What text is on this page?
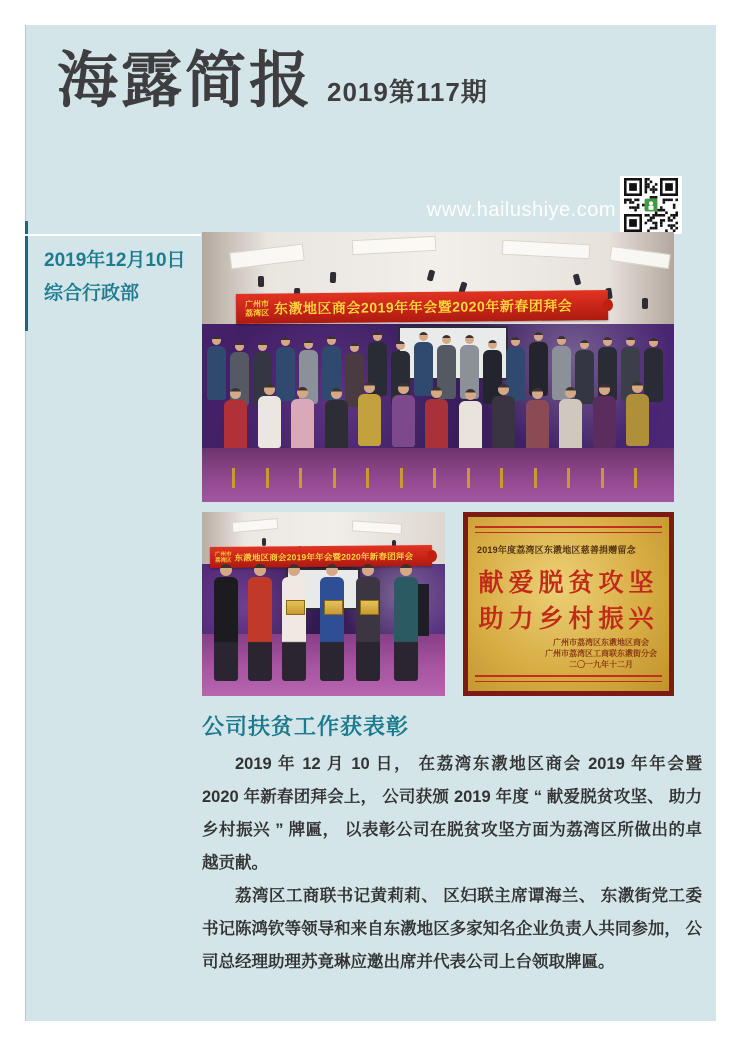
海露简报 2019第117期
www.hailushiye.com
2019年12月10日
综合行政部
广州市
荔湾区 东漖地区商会2019年年会暨2020年新春团拜会
广州市
荔湾区 东漖地区商会2019年年会暨2020年新春团拜会
2019年度荔湾区东漖地区慈善捐赠留念
献爱脱贫攻坚
助力乡村振兴
广州市荔湾区东漖地区商会
广州市荔湾区工商联东漖街分会
二〇一九年十二月
公司扶贫工作获表彰

2019 年 12 月 10 日， 在荔湾东漖地区商会 2019 年年会暨 2020 年新春团拜会上， 公司获颁 2019 年度 “ 献爱脱贫攻坚、 助力乡村振兴 ” 牌匾， 以表彰公司在脱贫攻坚方面为荔湾区所做出的卓越贡献。

荔湾区工商联书记黄莉莉、 区妇联主席谭海兰、 东漖街党工委书记陈鸿钦等领导和来自东漖地区多家知名企业负责人共同参加， 公司总经理助理苏竟琳应邀出席并代表公司上台领取牌匾。
